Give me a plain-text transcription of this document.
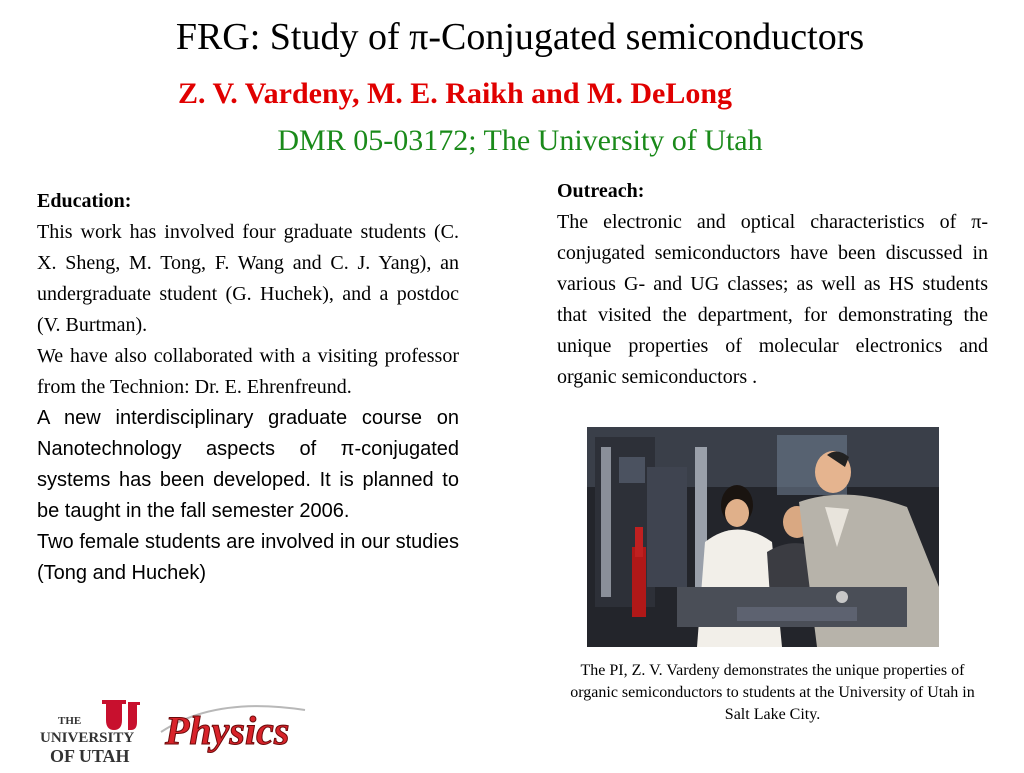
FRG: Study of π-Conjugated semiconductors
Z. V. Vardeny, M. E. Raikh and M. DeLong
DMR 05-03172; The University of Utah
Education:

This work has involved four graduate students (C. X. Sheng, M. Tong, F. Wang and C. J. Yang), an undergraduate student (G. Huchek), and a postdoc (V. Burtman).

We have also collaborated with a visiting professor from the Technion: Dr. E. Ehrenfreund.

A new interdisciplinary graduate course on Nanotechnology aspects of π-conjugated systems has been developed. It is planned to be taught in the fall semester 2006.

Two female students are involved in our studies (Tong and Huchek)

Outreach:

The electronic and optical characteristics of π-conjugated semiconductors have been discussed in various G- and UG classes; as well as HS students that visited the department, for demonstrating the unique properties of molecular electronics and organic semiconductors .

The PI, Z. V. Vardeny demonstrates the unique properties of organic semiconductors to students at the University of Utah in Salt Lake City.
THE
UNIVERSITY
OF UTAH
Physics
